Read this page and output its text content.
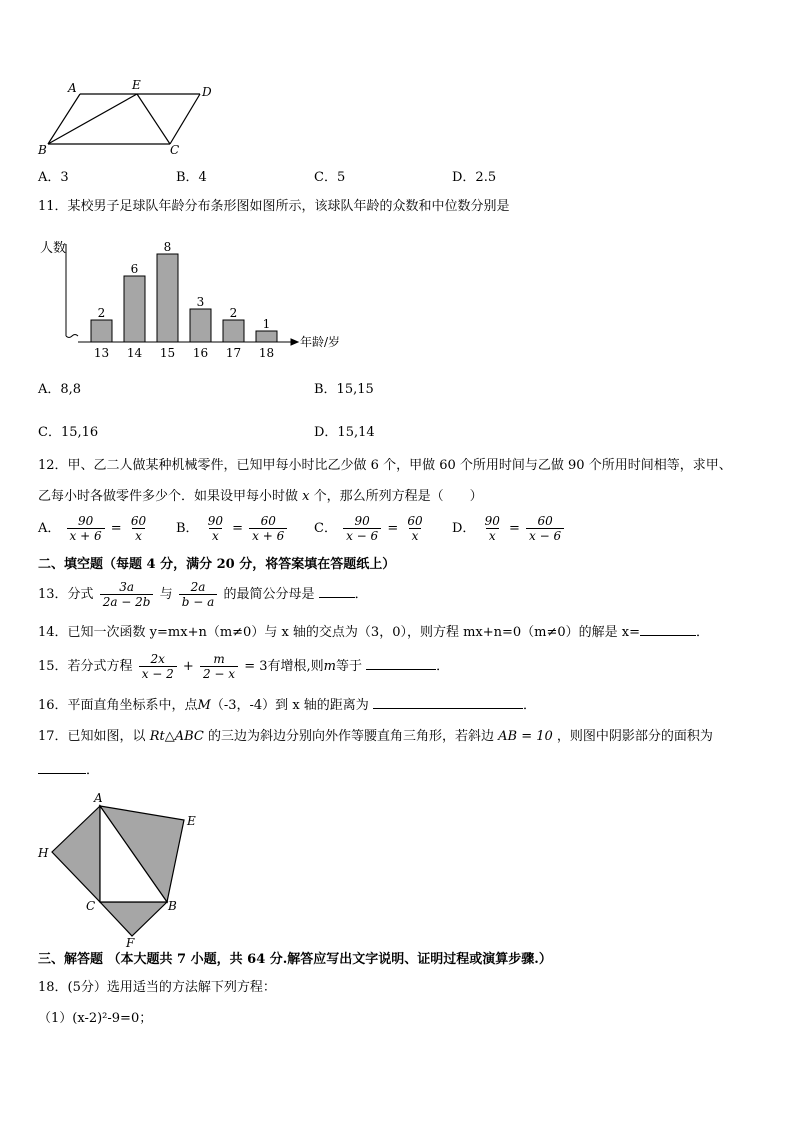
A	E	D
B	C
A．3	B．4	C．5	D．2.5
11．某校男子足球队年龄分布条形图如图所示，该球队年龄的众数和中位数分别是
人数
年龄/岁
2
13
6
14
8
15
3
16
2
17
1
18
A．8,8	B．15,15
C．15,16	D．15,14
12．甲、乙二人做某种机械零件，已知甲每小时比乙少做 6 个，甲做 60 个所用时间与乙做 90 个所用时间相等，求甲、
乙每小时各做零件多少个．如果设甲每小时做 x 个，那么所列方程是（　　）
A． $\frac{90}{x + 6} = \frac{60}{x}$ B． $\frac{90}{x} = \frac{60}{x + 6}$ C． $\frac{90}{x - 6} = \frac{60}{x}$ D． $\frac{90}{x} = \frac{60}{x - 6}$
二、填空题（每题 4 分，满分 20 分，将答案填在答题纸上）
13．分式 $\frac{3a}{2a - 2b}$ 与 $\frac{2a}{b - a}$ 的最简公分母是	．
14．已知一次函数 y=mx+n（m≠0）与 x 轴的交点为（3，0），则方程 mx+n=0（m≠0）的解是 x=	．
15．若分式方程 $\frac{2x}{x - 2} + \frac{m}{2 - x} = 3$有增根,则m等于	．
16．平面直角坐标系中，点M（-3，-4）到 x 轴的距离为	．
17．已知如图，以 Rt△ABC 的三边为斜边分别向外作等腰直角三角形，若斜边 AB = 10 ，则图中阴影部分的面积为
．
A
E
H
C	B
F
三、解答题 （本大题共 7 小题，共 64 分.解答应写出文字说明、证明过程或演算步骤.）
18．(5分）选用适当的方法解下列方程：
（1）(x-2)²-9=0；
